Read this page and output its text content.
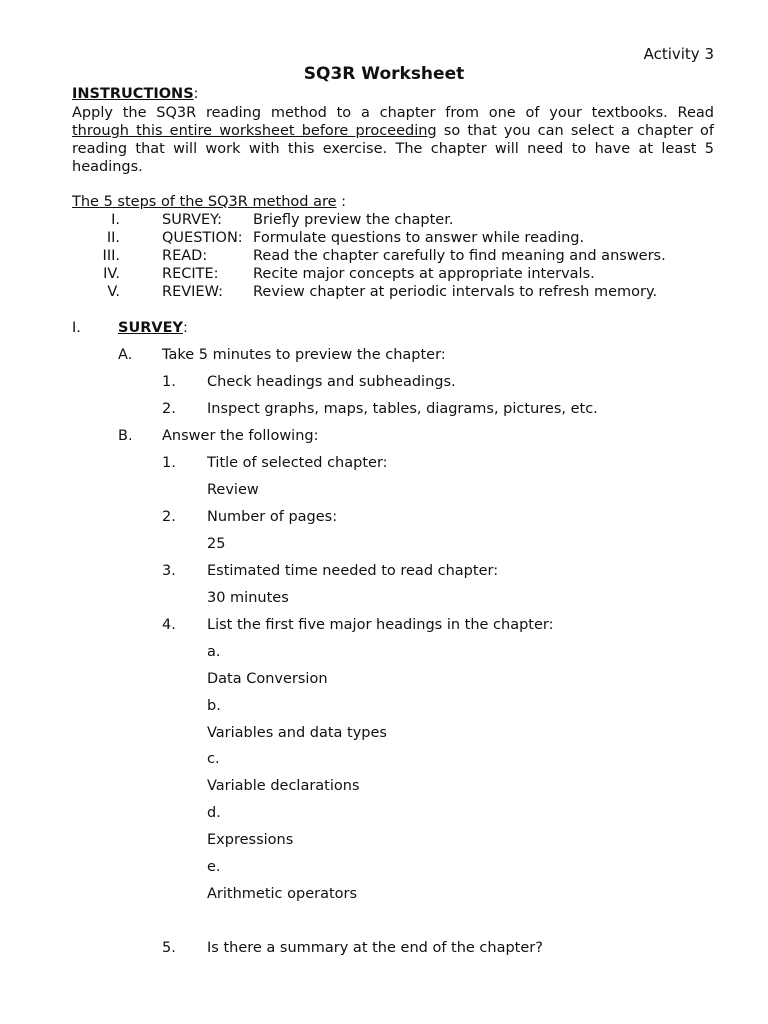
Activity 3
SQ3R Worksheet
INSTRUCTIONS:
Apply the SQ3R reading method to a chapter from one of your textbooks. Read
through this entire worksheet before proceeding so that you can select a chapter of
reading that will work with this exercise. The chapter will need to have at least 5
headings.
The 5 steps of the SQ3R method are :
I.	SURVEY: Briefly preview the chapter.
II.	QUESTION: Formulate questions to answer while reading.
III.	READ:	Read the chapter carefully to find meaning and answers.
IV.	RECITE: Recite major concepts at appropriate intervals.
V.	REVIEW: Review chapter at periodic intervals to refresh memory.
I.	SURVEY:
A. Take 5 minutes to preview the chapter:
1. Check headings and subheadings.
2. Inspect graphs, maps, tables, diagrams, pictures, etc.
B. Answer the following:
1. Title of selected chapter:
Review
2. Number of pages:
25
3. Estimated time needed to read chapter:
30 minutes
4. List the first five major headings in the chapter:
a.
Data Conversion
b.
Variables and data types
c.
Variable declarations
d.
Expressions
e.
Arithmetic operators
5. Is there a summary at the end of the chapter?
